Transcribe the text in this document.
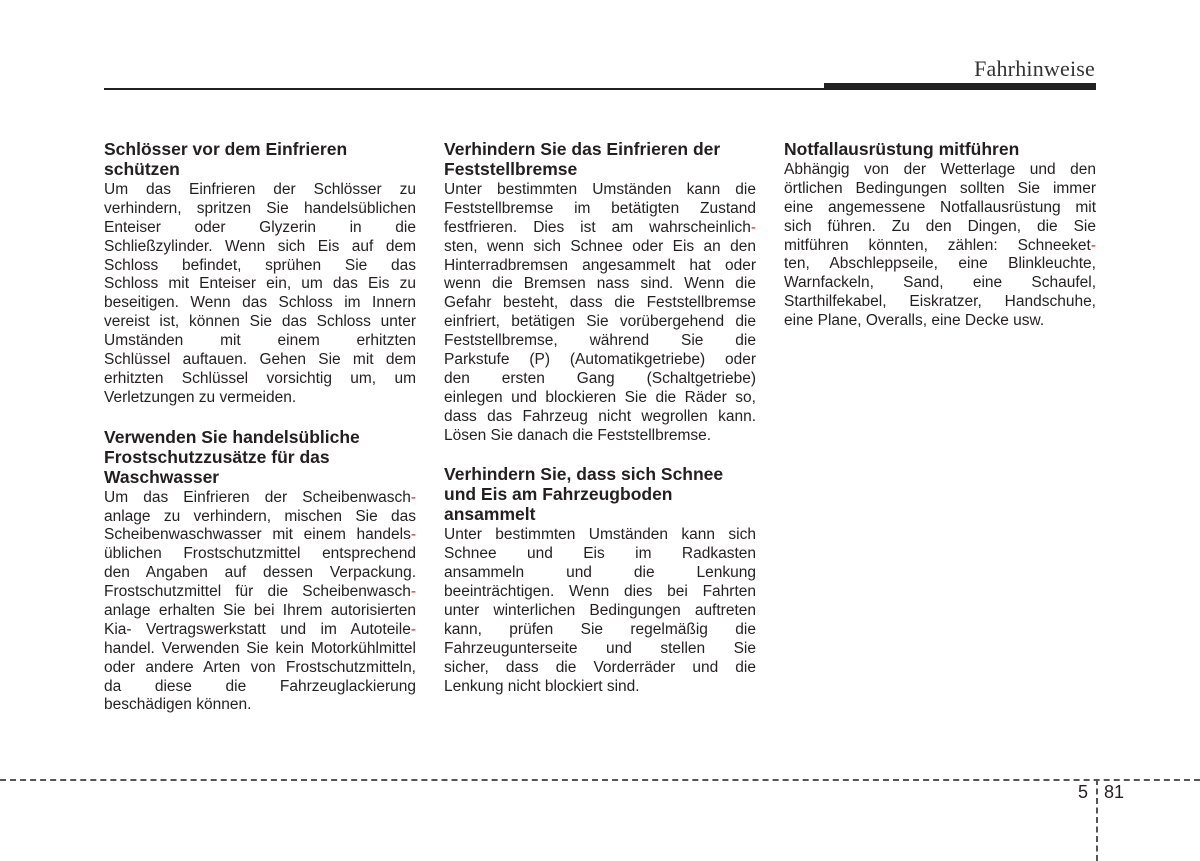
Fahrhinweise
Schlösser vor dem Einfrieren
schützen
Um das Einfrieren der Schlösser zu
verhindern, spritzen Sie handelsüblichen
Enteiser oder Glyzerin in die
Schließzylinder. Wenn sich Eis auf dem
Schloss befindet, sprühen Sie das
Schloss mit Enteiser ein, um das Eis zu
beseitigen. Wenn das Schloss im Innern
vereist ist, können Sie das Schloss unter
Umständen mit einem erhitzten
Schlüssel auftauen. Gehen Sie mit dem
erhitzten Schlüssel vorsichtig um, um
Verletzungen zu vermeiden.
Verwenden Sie handelsübliche
Frostschutzzusätze für das
Waschwasser
Um das Einfrieren der Scheibenwasch-
anlage zu verhindern, mischen Sie das
Scheibenwaschwasser mit einem handels-
üblichen Frostschutzmittel entsprechend
den Angaben auf dessen Verpackung.
Frostschutzmittel für die Scheibenwasch-
anlage erhalten Sie bei Ihrem autorisierten
Kia- Vertragswerkstatt und im Autoteile-
handel. Verwenden Sie kein Motorkühlmittel
oder andere Arten von Frostschutzmitteln,
da diese die Fahrzeuglackierung
beschädigen können.
Verhindern Sie das Einfrieren der
Feststellbremse
Unter bestimmten Umständen kann die
Feststellbremse im betätigten Zustand
festfrieren. Dies ist am wahrscheinlich-
sten, wenn sich Schnee oder Eis an den
Hinterradbremsen angesammelt hat oder
wenn die Bremsen nass sind. Wenn die
Gefahr besteht, dass die Feststellbremse
einfriert, betätigen Sie vorübergehend die
Feststellbremse, während Sie die
Parkstufe (P) (Automatikgetriebe) oder
den ersten Gang (Schaltgetriebe)
einlegen und blockieren Sie die Räder so,
dass das Fahrzeug nicht wegrollen kann.
Lösen Sie danach die Feststellbremse.
Verhindern Sie, dass sich Schnee
und Eis am Fahrzeugboden
ansammelt
Unter bestimmten Umständen kann sich
Schnee und Eis im Radkasten
ansammeln und die Lenkung
beeinträchtigen. Wenn dies bei Fahrten
unter winterlichen Bedingungen auftreten
kann, prüfen Sie regelmäßig die
Fahrzeugunterseite und stellen Sie
sicher, dass die Vorderräder und die
Lenkung nicht blockiert sind.
Notfallausrüstung mitführen
Abhängig von der Wetterlage und den
örtlichen Bedingungen sollten Sie immer
eine angemessene Notfallausrüstung mit
sich führen. Zu den Dingen, die Sie
mitführen könnten, zählen: Schneeket-
ten, Abschleppseile, eine Blinkleuchte,
Warnfackeln, Sand, eine Schaufel,
Starthilfekabel, Eiskratzer, Handschuhe,
eine Plane, Overalls, eine Decke usw.
5 81
